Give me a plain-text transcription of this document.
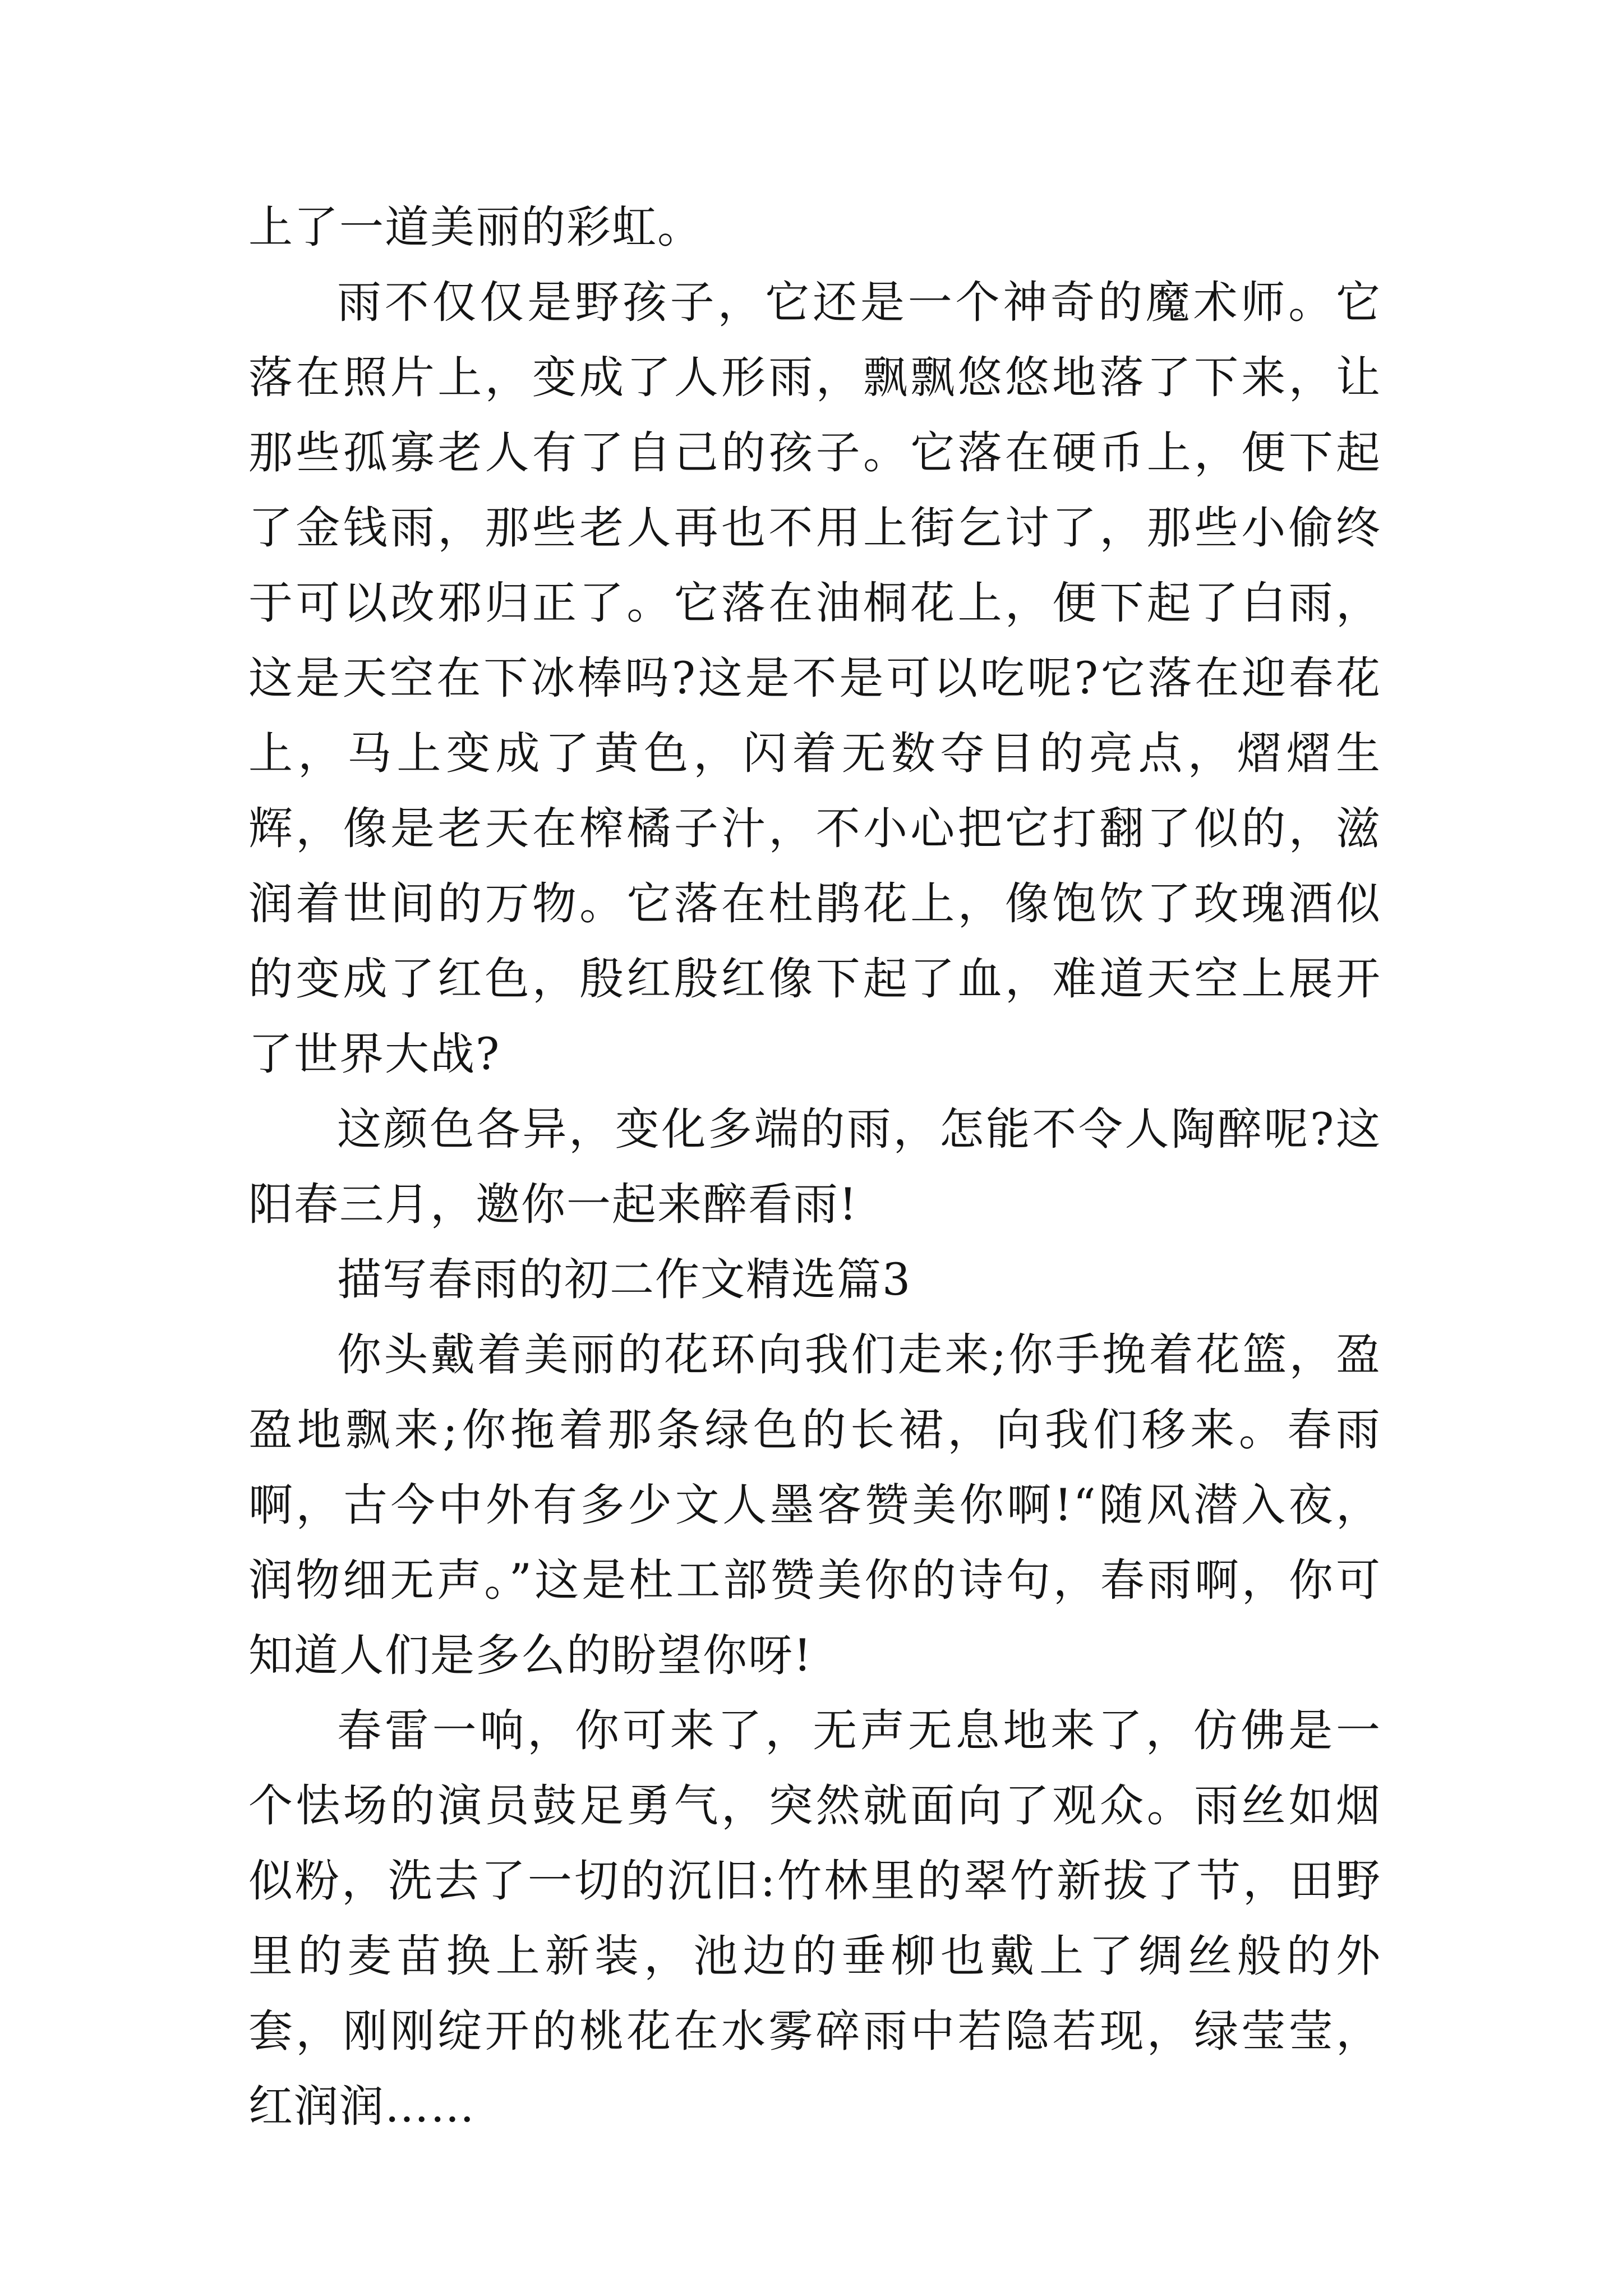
上了一道美丽的彩虹。

雨不仅仅是野孩子，它还是一个神奇的魔术师。它落在照片上，变成了人形雨，飘飘悠悠地落了下来，让那些孤寡老人有了自己的孩子。它落在硬币上，便下起了金钱雨，那些老人再也不用上街乞讨了，那些小偷终于可以改邪归正了。它落在油桐花上，便下起了白雨，这是天空在下冰棒吗?这是不是可以吃呢?它落在迎春花上，马上变成了黄色，闪着无数夺目的亮点，熠熠生辉，像是老天在榨橘子汁，不小心把它打翻了似的，滋润着世间的万物。它落在杜鹃花上，像饱饮了玫瑰酒似的变成了红色，殷红殷红像下起了血，难道天空上展开了世界大战?

这颜色各异，变化多端的雨，怎能不令人陶醉呢?这阳春三月，邀你一起来醉看雨!

描写春雨的初二作文精选篇3

你头戴着美丽的花环向我们走来;你手挽着花篮，盈盈地飘来;你拖着那条绿色的长裙，向我们移来。春雨啊，古今中外有多少文人墨客赞美你啊!“随风潜入夜，润物细无声。”这是杜工部赞美你的诗句，春雨啊，你可知道人们是多么的盼望你呀!

春雷一响，你可来了，无声无息地来了，仿佛是一个怯场的演员鼓足勇气，突然就面向了观众。雨丝如烟似粉，洗去了一切的沉旧:竹林里的翠竹新拔了节，田野里的麦苗换上新装，池边的垂柳也戴上了绸丝般的外套，刚刚绽开的桃花在水雾碎雨中若隐若现，绿莹莹，红润润……
